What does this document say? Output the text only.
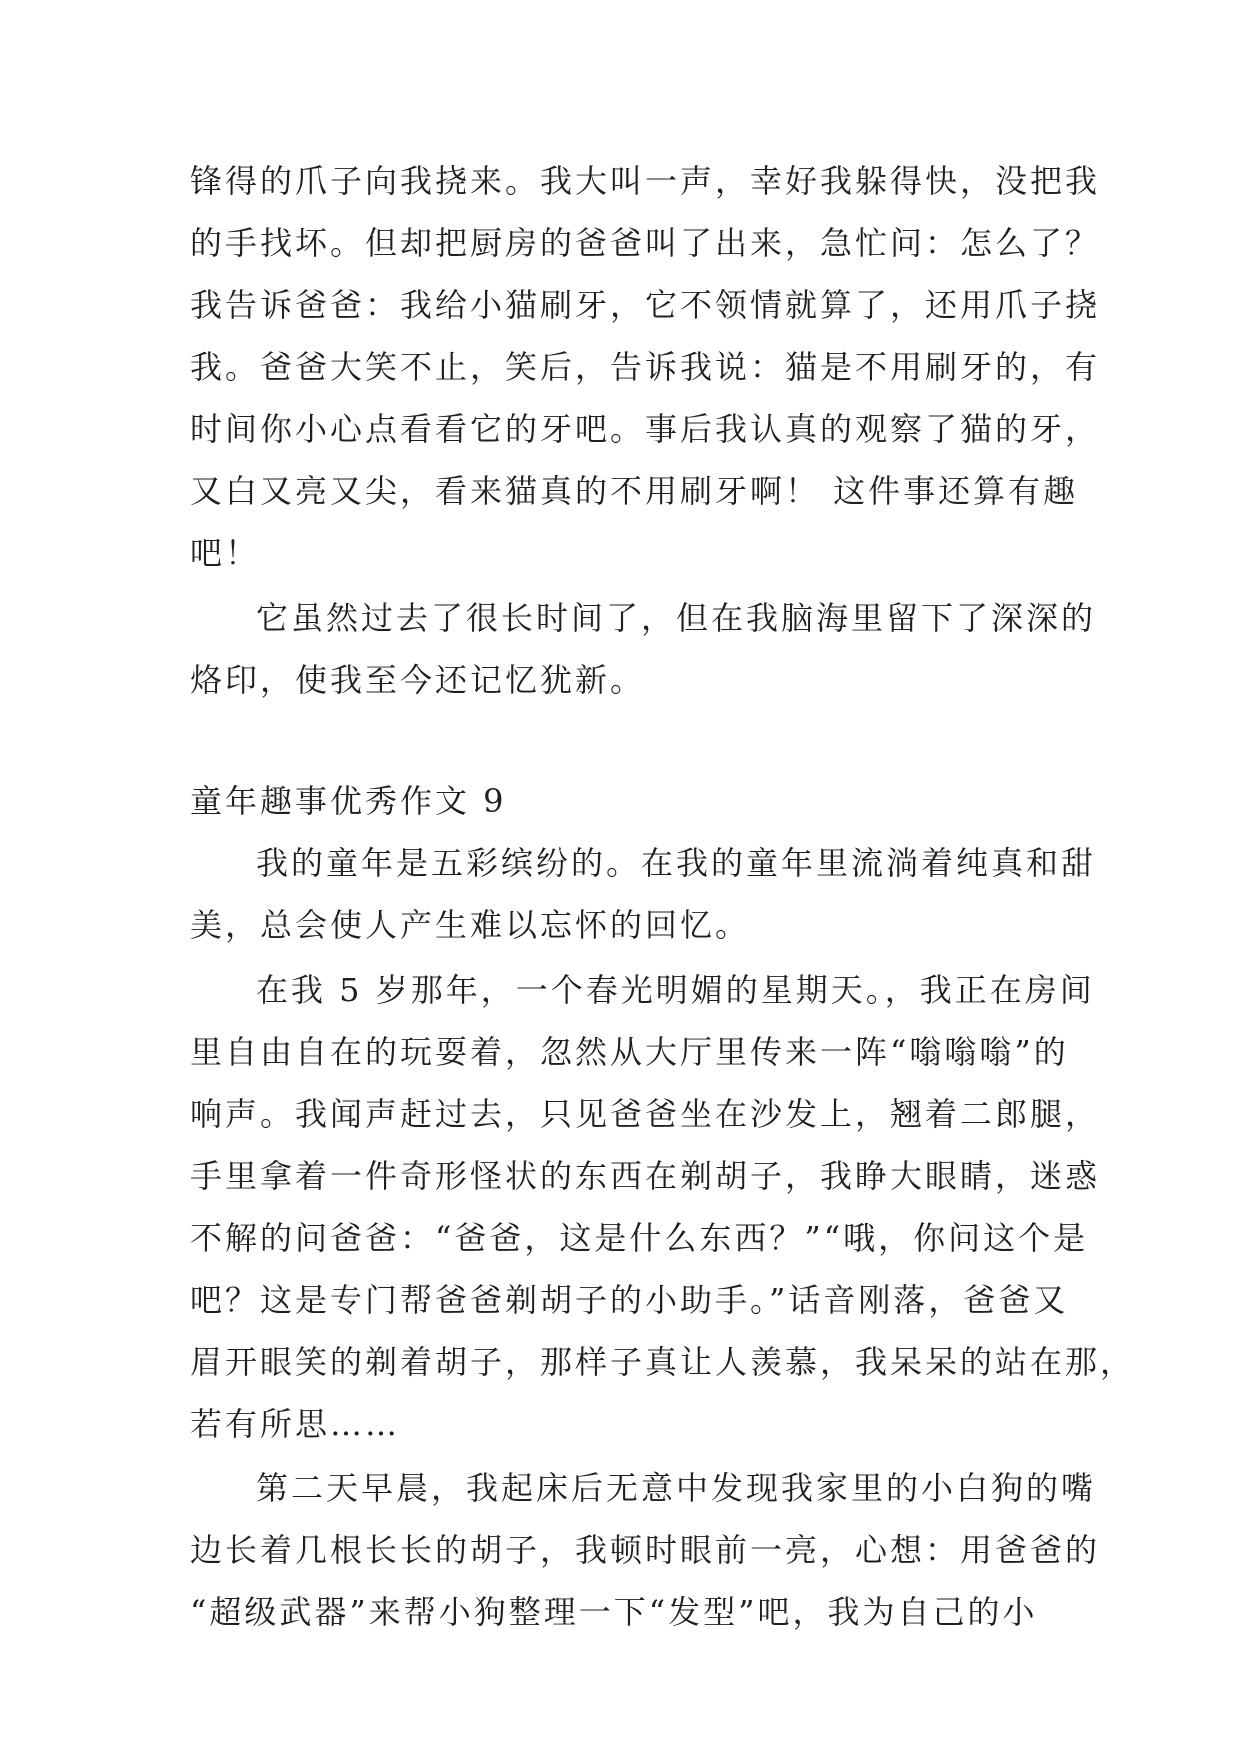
锋得的爪子向我挠来。我大叫一声，幸好我躲得快，没把我
的手找坏。但却把厨房的爸爸叫了出来，急忙问：怎么了？
我告诉爸爸：我给小猫刷牙，它不领情就算了，还用爪子挠
我。爸爸大笑不止，笑后，告诉我说：猫是不用刷牙的，有
时间你小心点看看它的牙吧。事后我认真的观察了猫的牙，
又白又亮又尖，看来猫真的不用刷牙啊！ 这件事还算有趣
吧！
它虽然过去了很长时间了，但在我脑海里留下了深深的
烙印，使我至今还记忆犹新。
童年趣事优秀作文 9
我的童年是五彩缤纷的。在我的童年里流淌着纯真和甜
美，总会使人产生难以忘怀的回忆。
在我 5 岁那年，一个春光明媚的星期天。，我正在房间
里自由自在的玩耍着，忽然从大厅里传来一阵“嗡嗡嗡”的
响声。我闻声赶过去，只见爸爸坐在沙发上，翘着二郎腿，
手里拿着一件奇形怪状的东西在剃胡子，我睁大眼睛，迷惑
不解的问爸爸：“爸爸，这是什么东西？”“哦，你问这个是
吧？这是专门帮爸爸剃胡子的小助手。”话音刚落，爸爸又
眉开眼笑的剃着胡子，那样子真让人羡慕，我呆呆的站在那，
若有所思……
第二天早晨，我起床后无意中发现我家里的小白狗的嘴
边长着几根长长的胡子，我顿时眼前一亮，心想：用爸爸的
“超级武器”来帮小狗整理一下“发型”吧，我为自己的小
